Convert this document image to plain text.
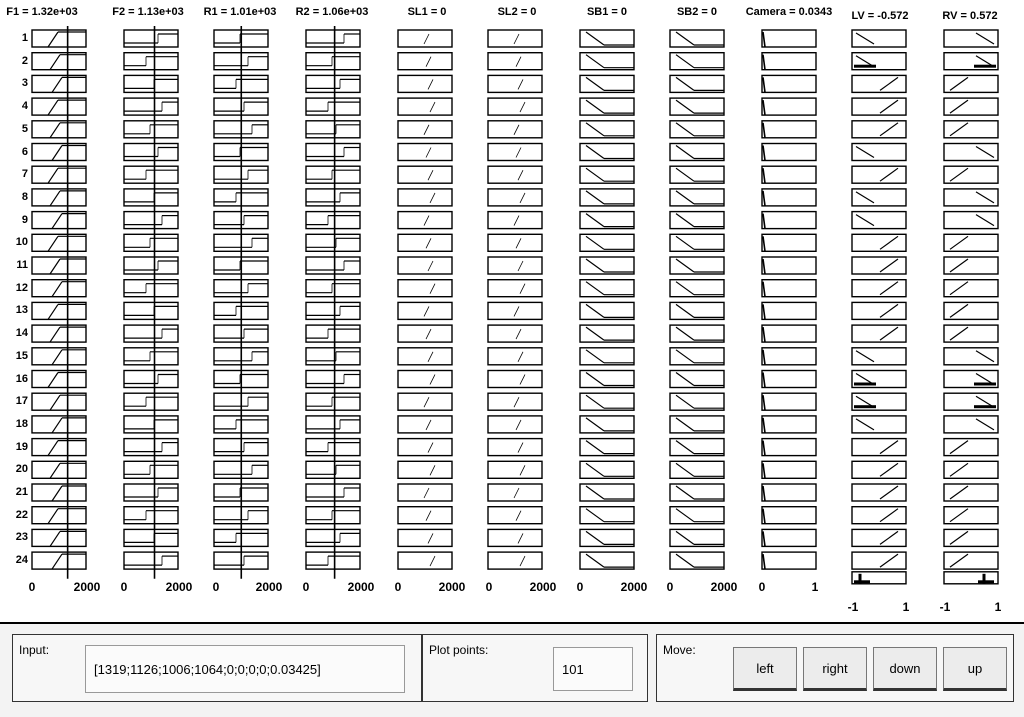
F1 = 1.32e+03	F2 = 1.13e+03 R1 = 1.01e+03 R2 = 1.06e+03	SL1 = 0	SL2 = 0	SB1 = 0	SB2 = 0	Camera = 0.0343 LV = -0.572	RV = 0.572
0	2000 0	2000 0	2000 0	2000 0	2000 0	2000 0	2000 0	2000 0	1
-1	1	-1	1
1
2
3
4
5
6
7
8
9
10
11
12
13
14
15
16
17
18
19
20
21
22
23
24
Input:
[1319;1126;1006;1064;0;0;0;0;0.03425]
Plot points:
101
Move:
left	right	down	up
